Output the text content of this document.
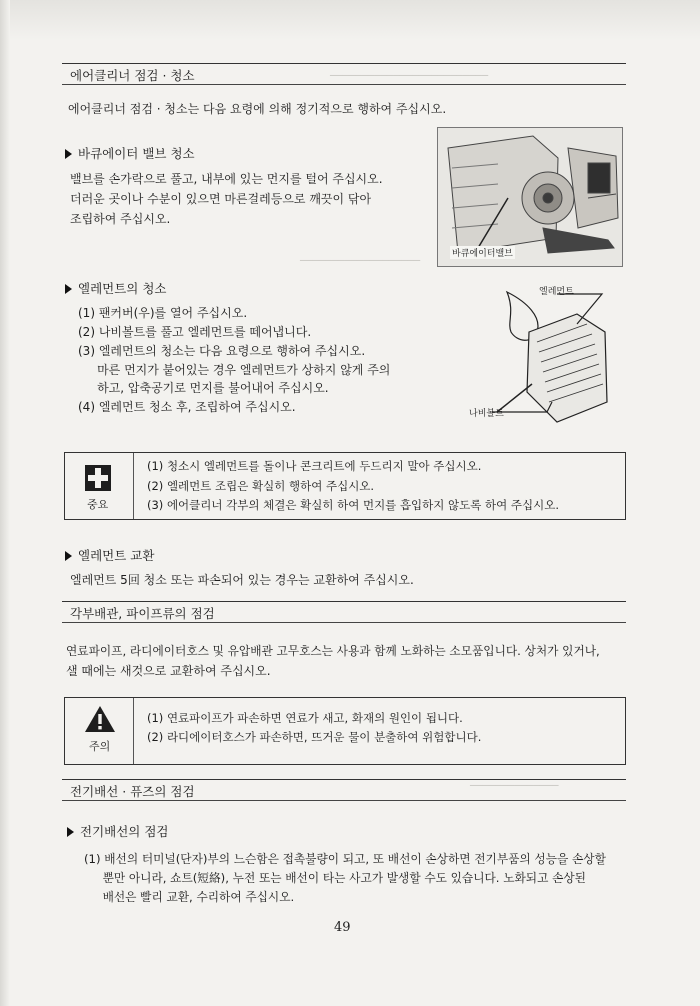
─────────────────────────
───────────────────
──────────────
에어클리너 점검 · 청소
에어클리너 점검 · 청소는 다음 요령에 의해 정기적으로 행하여 주십시오.
바큐에이터 밸브 청소
밸브를 손가락으로 풀고, 내부에 있는 먼지를 털어 주십시오.
더러운 곳이나 수분이 있으면 마른걸레등으로 깨끗이 닦아
조립하여 주십시오.
바큐에이터밸브
엘레먼트의 청소
(1) 팬커버(우)를 열어 주십시오.
(2) 나비볼트를 풀고 엘레먼트를 떼어냅니다.
(3) 엘레먼트의 청소는 다음 요령으로 행하여 주십시오.
마른 먼지가 붙어있는 경우 엘레먼트가 상하지 않게 주의
하고, 압축공기로 먼지를 불어내어 주십시오.
(4) 엘레먼트 청소 후, 조립하여 주십시오.
엘레먼트
나비볼트
중요
(1) 청소시 엘레먼트를 돌이나 콘크리트에 두드리지 말아 주십시오.
(2) 엘레먼트 조립은 확실히 행하여 주십시오.
(3) 에어클리너 각부의 체결은 확실히 하여 먼지를 흡입하지 않도록 하여 주십시오.
엘레먼트 교환
엘레먼트 5回 청소 또는 파손되어 있는 경우는 교환하여 주십시오.
각부배관, 파이프류의 점검
연료파이프, 라디에이터호스 및 유압배관 고무호스는 사용과 함께 노화하는 소모품입니다. 상처가 있거나,
샐 때에는 새것으로 교환하여 주십시오.
주의
(1) 연료파이프가 파손하면 연료가 새고, 화재의 원인이 됩니다.
(2) 라디에이터호스가 파손하면, 뜨거운 물이 분출하여 위험합니다.
전기배선 · 퓨즈의 점검
전기배선의 점검
(1) 배선의 터미널(단자)부의 느슨함은 접촉불량이 되고, 또 배선이 손상하면 전기부품의 성능을 손상할
뿐만 아니라, 쇼트(短絡), 누전 또는 배선이 타는 사고가 발생할 수도 있습니다. 노화되고 손상된
배선은 빨리 교환, 수리하여 주십시오.
49
